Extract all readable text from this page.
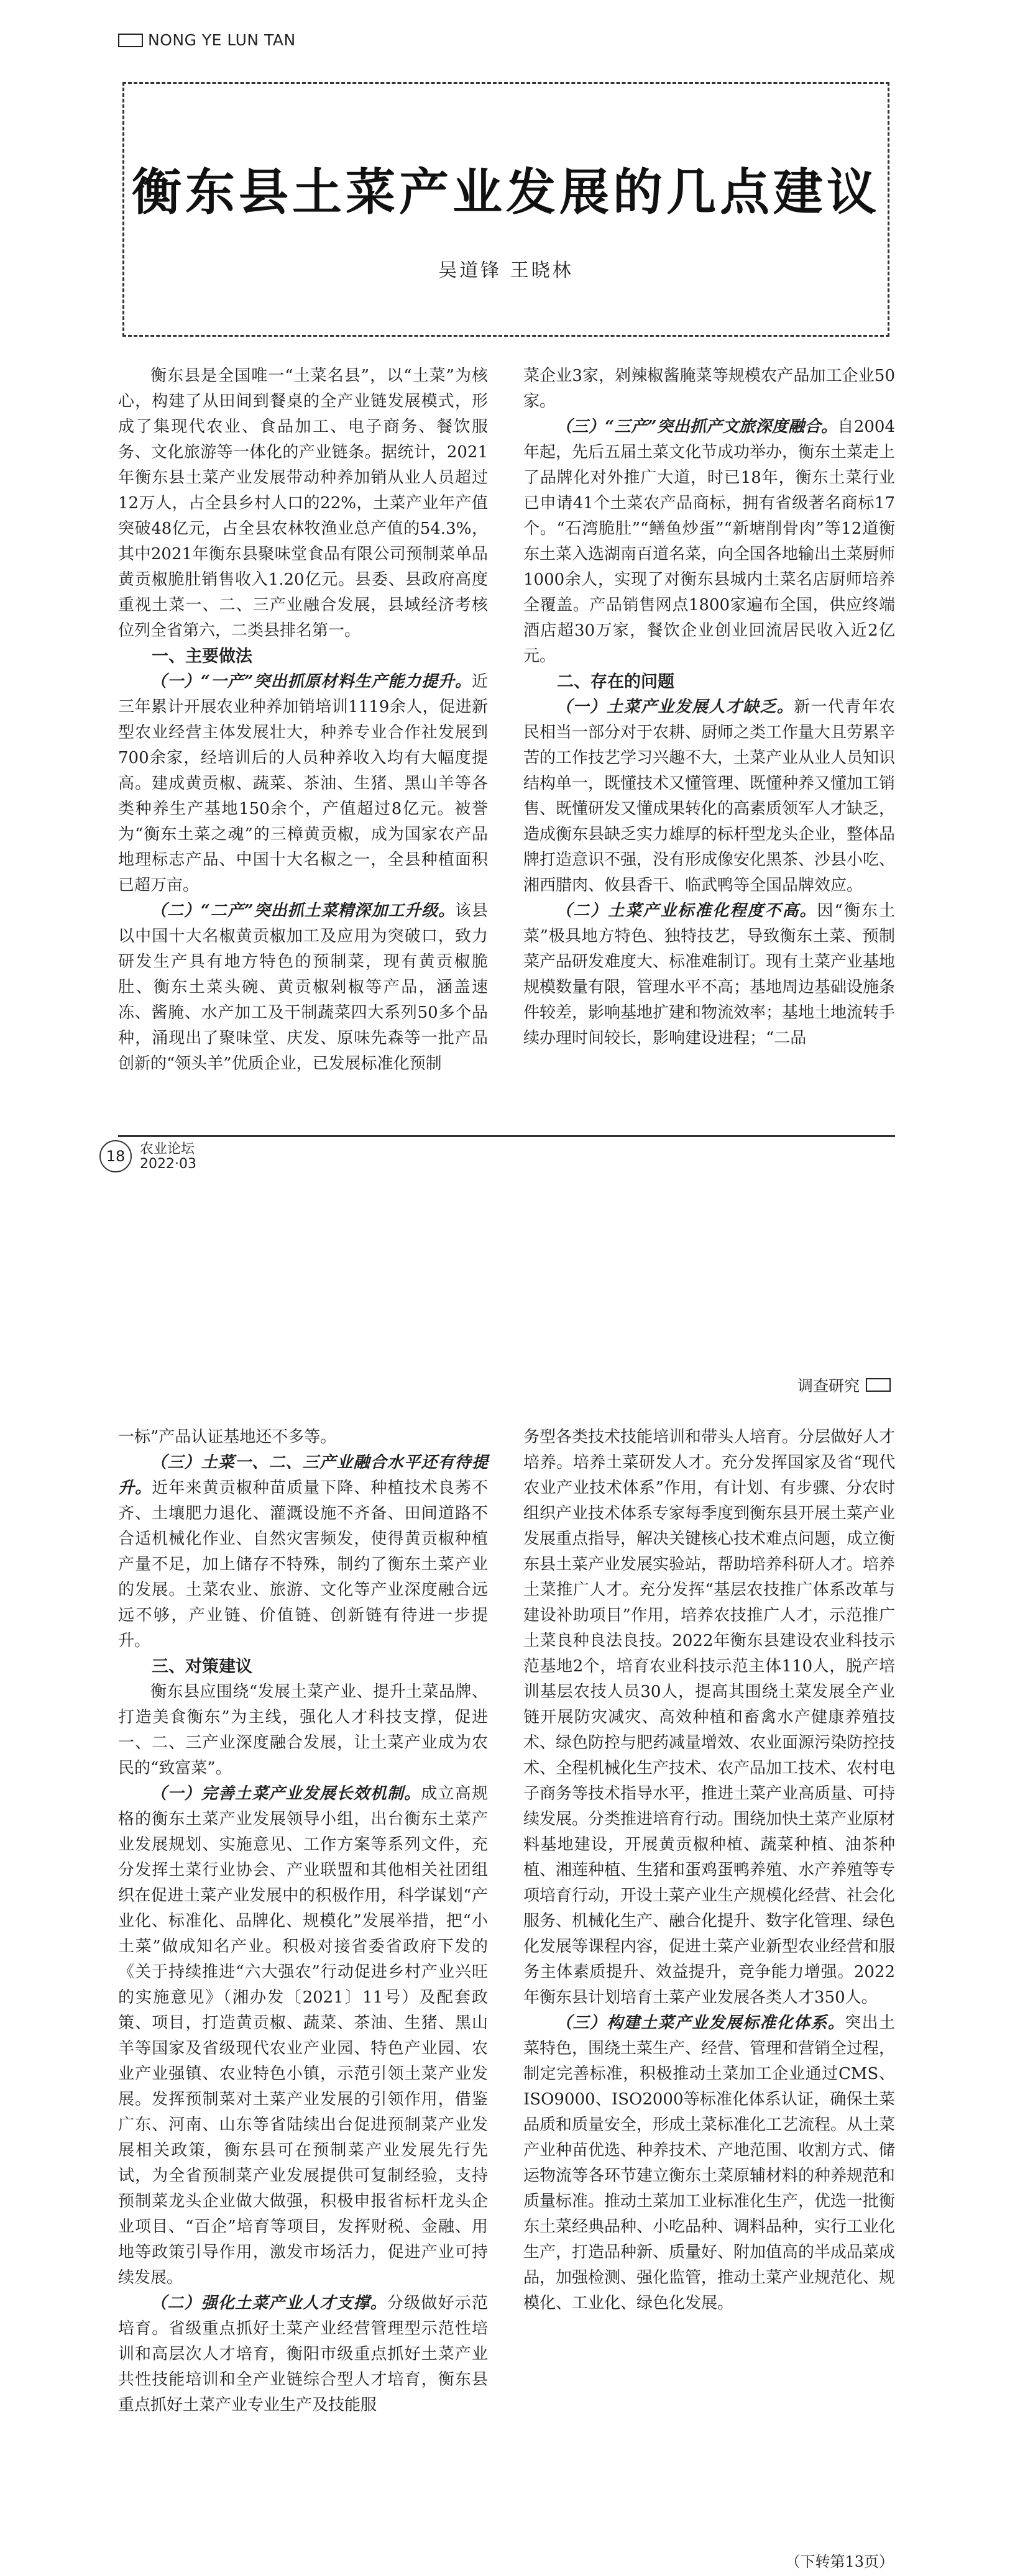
NONG YE LUN TAN
衡东县土菜产业发展的几点建议
吴道锋 王晓林

衡东县是全国唯一“土菜名县”，以“土菜”为核心，构建了从田间到餐桌的全产业链发展模式，形成了集现代农业、食品加工、电子商务、餐饮服务、文化旅游等一体化的产业链条。据统计，2021年衡东县土菜产业发展带动种养加销从业人员超过12万人，占全县乡村人口的22%，土菜产业年产值突破48亿元，占全县农林牧渔业总产值的54.3%，其中2021年衡东县聚味堂食品有限公司预制菜单品黄贡椒脆肚销售收入1.20亿元。县委、县政府高度重视土菜一、二、三产业融合发展，县域经济考核位列全省第六，二类县排名第一。

一、主要做法

（一）“一产”突出抓原材料生产能力提升。近三年累计开展农业种养加销培训1119余人，促进新型农业经营主体发展壮大，种养专业合作社发展到700余家，经培训后的人员种养收入均有大幅度提高。建成黄贡椒、蔬菜、茶油、生猪、黑山羊等各类种养生产基地150余个，产值超过8亿元。被誉为“衡东土菜之魂”的三樟黄贡椒，成为国家农产品地理标志产品、中国十大名椒之一，全县种植面积已超万亩。

（二）“二产”突出抓土菜精深加工升级。该县以中国十大名椒黄贡椒加工及应用为突破口，致力研发生产具有地方特色的预制菜，现有黄贡椒脆肚、衡东土菜头碗、黄贡椒剁椒等产品，涵盖速冻、酱腌、水产加工及干制蔬菜四大系列50多个品种，涌现出了聚味堂、庆发、原味先森等一批产品创新的“领头羊”优质企业，已发展标准化预制

菜企业3家，剁辣椒酱腌菜等规模农产品加工企业50家。

（三）“三产”突出抓产文旅深度融合。自2004年起，先后五届土菜文化节成功举办，衡东土菜走上了品牌化对外推广大道，时已18年，衡东土菜行业已申请41个土菜农产品商标，拥有省级著名商标17个。“石湾脆肚”“鳝鱼炒蛋”“新塘削骨肉”等12道衡东土菜入选湖南百道名菜，向全国各地输出土菜厨师1000余人，实现了对衡东县城内土菜名店厨师培养全覆盖。产品销售网点1800家遍布全国，供应终端酒店超30万家，餐饮企业创业回流居民收入近2亿元。

二、存在的问题

（一）土菜产业发展人才缺乏。新一代青年农民相当一部分对于农耕、厨师之类工作量大且劳累辛苦的工作技艺学习兴趣不大，土菜产业从业人员知识结构单一，既懂技术又懂管理、既懂种养又懂加工销售、既懂研发又懂成果转化的高素质领军人才缺乏，造成衡东县缺乏实力雄厚的标杆型龙头企业，整体品牌打造意识不强，没有形成像安化黑茶、沙县小吃、湘西腊肉、攸县香干、临武鸭等全国品牌效应。

（二）土菜产业标准化程度不高。因“衡东土菜”极具地方特色、独特技艺，导致衡东土菜、预制菜产品研发难度大、标准难制订。现有土菜产业基地规模数量有限，管理水平不高；基地周边基础设施条件较差，影响基地扩建和物流效率；基地土地流转手续办理时间较长，影响建设进程；“二品

18	农业论坛
2022·03
调查研究

一标”产品认证基地还不多等。

（三）土菜一、二、三产业融合水平还有待提升。近年来黄贡椒种苗质量下降、种植技术良莠不齐、土壤肥力退化、灌溉设施不齐备、田间道路不合适机械化作业、自然灾害频发，使得黄贡椒种植产量不足，加上储存不特殊，制约了衡东土菜产业的发展。土菜农业、旅游、文化等产业深度融合远远不够，产业链、价值链、创新链有待进一步提升。

三、对策建议

衡东县应围绕“发展土菜产业、提升土菜品牌、打造美食衡东”为主线，强化人才科技支撑，促进一、二、三产业深度融合发展，让土菜产业成为农民的“致富菜”。

（一）完善土菜产业发展长效机制。成立高规格的衡东土菜产业发展领导小组，出台衡东土菜产业发展规划、实施意见、工作方案等系列文件，充分发挥土菜行业协会、产业联盟和其他相关社团组织在促进土菜产业发展中的积极作用，科学谋划“产业化、标准化、品牌化、规模化”发展举措，把“小土菜”做成知名产业。积极对接省委省政府下发的《关于持续推进“六大强农”行动促进乡村产业兴旺的实施意见》（湘办发〔2021〕11号）及配套政策、项目，打造黄贡椒、蔬菜、茶油、生猪、黑山羊等国家及省级现代农业产业园、特色产业园、农业产业强镇、农业特色小镇，示范引领土菜产业发展。发挥预制菜对土菜产业发展的引领作用，借鉴广东、河南、山东等省陆续出台促进预制菜产业发展相关政策，衡东县可在预制菜产业发展先行先试，为全省预制菜产业发展提供可复制经验，支持预制菜龙头企业做大做强，积极申报省标杆龙头企业项目、“百企”培育等项目，发挥财税、金融、用地等政策引导作用，激发市场活力，促进产业可持续发展。

（二）强化土菜产业人才支撑。分级做好示范培育。省级重点抓好土菜产业经营管理型示范性培训和高层次人才培育，衡阳市级重点抓好土菜产业共性技能培训和全产业链综合型人才培育，衡东县重点抓好土菜产业专业生产及技能服

务型各类技术技能培训和带头人培育。分层做好人才培养。培养土菜研发人才。充分发挥国家及省“现代农业产业技术体系”作用，有计划、有步骤、分农时组织产业技术体系专家每季度到衡东县开展土菜产业发展重点指导，解决关键核心技术难点问题，成立衡东县土菜产业发展实验站，帮助培养科研人才。培养土菜推广人才。充分发挥“基层农技推广体系改革与建设补助项目”作用，培养农技推广人才，示范推广土菜良种良法良技。2022年衡东县建设农业科技示范基地2个，培育农业科技示范主体110人，脱产培训基层农技人员30人，提高其围绕土菜发展全产业链开展防灾减灾、高效种植和畜禽水产健康养殖技术、绿色防控与肥药减量增效、农业面源污染防控技术、全程机械化生产技术、农产品加工技术、农村电子商务等技术指导水平，推进土菜产业高质量、可持续发展。分类推进培育行动。围绕加快土菜产业原材料基地建设，开展黄贡椒种植、蔬菜种植、油茶种植、湘莲种植、生猪和蛋鸡蛋鸭养殖、水产养殖等专项培育行动，开设土菜产业生产规模化经营、社会化服务、机械化生产、融合化提升、数字化管理、绿色化发展等课程内容，促进土菜产业新型农业经营和服务主体素质提升、效益提升，竞争能力增强。2022年衡东县计划培育土菜产业发展各类人才350人。

（三）构建土菜产业发展标准化体系。突出土菜特色，围绕土菜生产、经营、管理和营销全过程，制定完善标准，积极推动土菜加工企业通过CMS、ISO9000、ISO2000等标准化体系认证，确保土菜品质和质量安全，形成土菜标准化工艺流程。从土菜产业种苗优选、种养技术、产地范围、收割方式、储运物流等各环节建立衡东土菜原辅材料的种养规范和质量标准。推动土菜加工业标准化生产，优选一批衡东土菜经典品种、小吃品种、调料品种，实行工业化生产，打造品种新、质量好、附加值高的半成品菜成品，加强检测、强化监管，推动土菜产业规范化、规模化、工业化、绿色化发展。

（下转第13页）
